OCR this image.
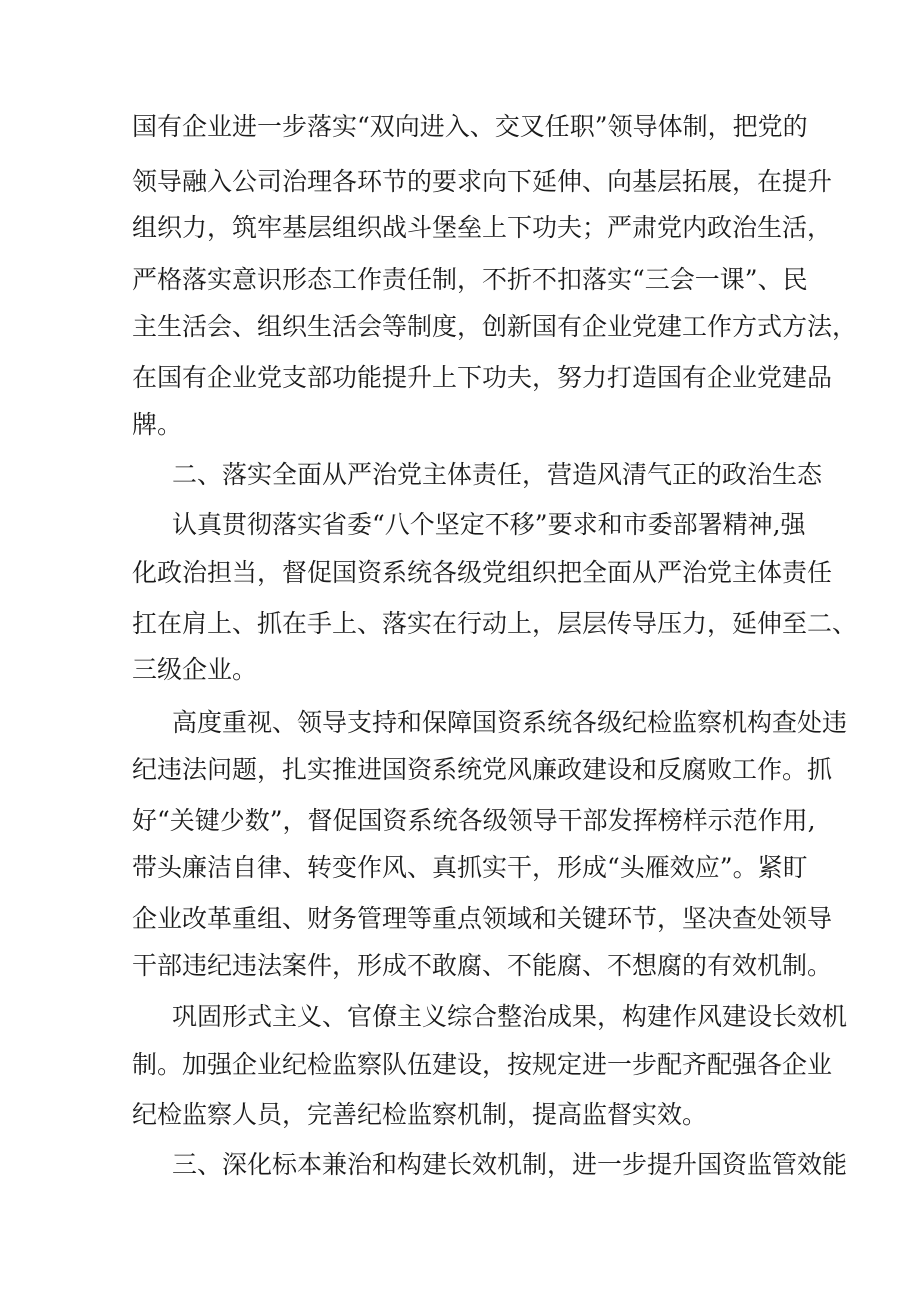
国有企业进一步落实“双向进入、交叉任职”领导体制，把党的
领导融入公司治理各环节的要求向下延伸、向基层拓展，在提升
组织力，筑牢基层组织战斗堡垒上下功夫；严肃党内政治生活，
严格落实意识形态工作责任制，不折不扣落实“三会一课”、民
主生活会、组织生活会等制度，创新国有企业党建工作方式方法，
在国有企业党支部功能提升上下功夫，努力打造国有企业党建品
牌。
二、落实全面从严治党主体责任，营造风清气正的政治生态
认真贯彻落实省委“八个坚定不移”要求和市委部署精神,强
化政治担当，督促国资系统各级党组织把全面从严治党主体责任
扛在肩上、抓在手上、落实在行动上，层层传导压力，延伸至二、
三级企业。
高度重视、领导支持和保障国资系统各级纪检监察机构查处违
纪违法问题，扎实推进国资系统党风廉政建设和反腐败工作。抓
好“关键少数”，督促国资系统各级领导干部发挥榜样示范作用,
带头廉洁自律、转变作风、真抓实干，形成“头雁效应”。紧盯
企业改革重组、财务管理等重点领域和关键环节，坚决查处领导
干部违纪违法案件，形成不敢腐、不能腐、不想腐的有效机制。
巩固形式主义、官僚主义综合整治成果，构建作风建设长效机
制。加强企业纪检监察队伍建设，按规定进一步配齐配强各企业
纪检监察人员，完善纪检监察机制，提高监督实效。
三、深化标本兼治和构建长效机制，进一步提升国资监管效能
